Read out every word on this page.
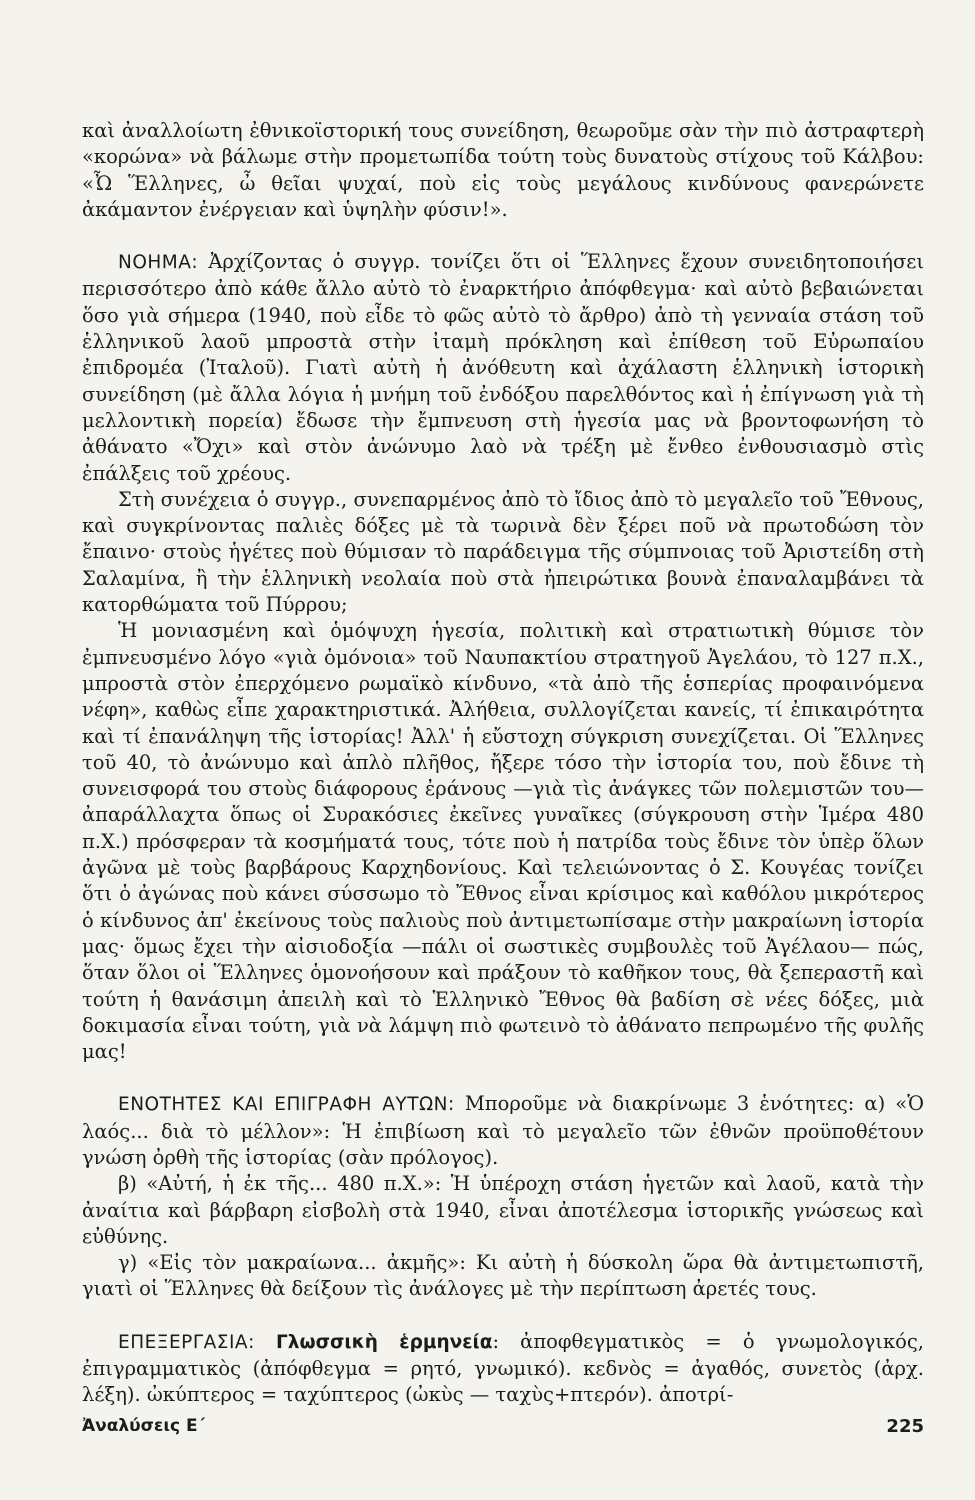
καὶ ἀναλλοίωτη ἐθνικοϊστορική τους συνείδηση, θεωροῦμε σὰν τὴν πιὸ ἀστραφτερὴ «κορώνα» νὰ βάλωμε στὴν προμετωπίδα τούτη τοὺς δυνατοὺς στίχους τοῦ Κάλβου: «Ὦ Ἕλληνες, ὦ θεῖαι ψυχαί, ποὺ εἰς τοὺς μεγάλους κινδύνους φανερώνετε ἀκάμαντον ἐνέργειαν καὶ ὑψηλὴν φύσιν!».

ΝΟΗΜΑ: Ἀρχίζοντας ὁ συγγρ. τονίζει ὅτι οἱ Ἕλληνες ἔχουν συνειδητοποιήσει περισσότερο ἀπὸ κάθε ἄλλο αὐτὸ τὸ ἐναρκτήριο ἀπόφθεγμα· καὶ αὐτὸ βεβαιώνεται ὅσο γιὰ σήμερα (1940, ποὺ εἶδε τὸ φῶς αὐτὸ τὸ ἄρθρο) ἀπὸ τὴ γενναία στάση τοῦ ἑλληνικοῦ λαοῦ μπροστὰ στὴν ἰταμὴ πρόκληση καὶ ἐπίθεση τοῦ Εὐρωπαίου ἐπιδρομέα (Ἰταλοῦ). Γιατὶ αὐτὴ ἡ ἀνόθευτη καὶ ἀχάλαστη ἑλληνικὴ ἱστορικὴ συνείδηση (μὲ ἄλλα λόγια ἡ μνήμη τοῦ ἐνδόξου παρελθόντος καὶ ἡ ἐπίγνωση γιὰ τὴ μελλοντικὴ πορεία) ἔδωσε τὴν ἔμπνευση στὴ ἡγεσία μας νὰ βροντοφωνήση τὸ ἀθάνατο «Ὄχι» καὶ στὸν ἀνώνυμο λαὸ νὰ τρέξη μὲ ἔνθεο ἐνθουσιασμὸ στὶς ἐπάλξεις τοῦ χρέους.

Στὴ συνέχεια ὁ συγγρ., συνεπαρμένος ἀπὸ τὸ ἴδιος ἀπὸ τὸ μεγαλεῖο τοῦ Ἔθνους, καὶ συγκρίνοντας παλιὲς δόξες μὲ τὰ τωρινὰ δὲν ξέρει ποῦ νὰ πρωτοδώση τὸν ἔπαινο· στοὺς ἡγέτες ποὺ θύμισαν τὸ παράδειγμα τῆς σύμπνοιας τοῦ Ἀριστείδη στὴ Σαλαμίνα, ἢ τὴν ἑλληνικὴ νεολαία ποὺ στὰ ἠπειρώτικα βουνὰ ἐπαναλαμβάνει τὰ κατορθώματα τοῦ Πύρρου;

Ἡ μονιασμένη καὶ ὁμόψυχη ἡγεσία, πολιτικὴ καὶ στρατιωτικὴ θύμισε τὸν ἐμπνευσμένο λόγο «γιὰ ὁμόνοια» τοῦ Ναυπακτίου στρατηγοῦ Ἀγελάου, τὸ 127 π.Χ., μπροστὰ στὸν ἐπερχόμενο ρωμαϊκὸ κίνδυνο, «τὰ ἀπὸ τῆς ἑσπερίας προφαινόμενα νέφη», καθὼς εἶπε χαρακτηριστικά. Ἀλήθεια, συλλογίζεται κανείς, τί ἐπικαιρότητα καὶ τί ἐπανάληψη τῆς ἱστορίας! Ἀλλ' ἡ εὔστοχη σύγκριση συνεχίζεται. Οἱ Ἕλληνες τοῦ 40, τὸ ἀνώνυμο καὶ ἁπλὸ πλῆθος, ἤξερε τόσο τὴν ἱστορία του, ποὺ ἔδινε τὴ συνεισφορά του στοὺς διάφορους ἐράνους —γιὰ τὶς ἀνάγκες τῶν πολεμιστῶν του— ἀπαράλλαχτα ὅπως οἱ Συρακόσιες ἐκεῖνες γυναῖκες (σύγκρουση στὴν Ἱμέρα 480 π.Χ.) πρόσφεραν τὰ κοσμήματά τους, τότε ποὺ ἡ πατρίδα τοὺς ἔδινε τὸν ὑπὲρ ὅλων ἀγῶνα μὲ τοὺς βαρβάρους Καρχηδονίους. Καὶ τελειώνοντας ὁ Σ. Κουγέας τονίζει ὅτι ὁ ἀγώνας ποὺ κάνει σύσσωμο τὸ Ἔθνος εἶναι κρίσιμος καὶ καθόλου μικρότερος ὁ κίνδυνος ἀπ' ἐκείνους τοὺς παλιοὺς ποὺ ἀντιμετωπίσαμε στὴν μακραίωνη ἱστορία μας· ὅμως ἔχει τὴν αἰσιοδοξία —πάλι οἱ σωστικὲς συμβουλὲς τοῦ Ἀγέλαου— πώς, ὅταν ὅλοι οἱ Ἕλληνες ὁμονοήσουν καὶ πράξουν τὸ καθῆκον τους, θὰ ξεπεραστῆ καὶ τούτη ἡ θανάσιμη ἀπειλὴ καὶ τὸ Ἑλληνικὸ Ἔθνος θὰ βαδίση σὲ νέες δόξες, μιὰ δοκιμασία εἶναι τούτη, γιὰ νὰ λάμψη πιὸ φωτεινὸ τὸ ἀθάνατο πεπρωμένο τῆς φυλῆς μας!

ΕΝΟΤΗΤΕΣ ΚΑΙ ΕΠΙΓΡΑΦΗ ΑΥΤΩΝ: Μποροῦμε νὰ διακρίνωμε 3 ἑνότητες: α) «Ὁ λαός... διὰ τὸ μέλλον»: Ἡ ἐπιβίωση καὶ τὸ μεγαλεῖο τῶν ἐθνῶν προϋποθέτουν γνώση ὀρθὴ τῆς ἱστορίας (σὰν πρόλογος).

β) «Αὐτή, ἡ ἐκ τῆς... 480 π.Χ.»: Ἡ ὑπέροχη στάση ἡγετῶν καὶ λαοῦ, κατὰ τὴν ἀναίτια καὶ βάρβαρη εἰσβολὴ στὰ 1940, εἶναι ἀποτέλεσμα ἱστορικῆς γνώσεως καὶ εὐθύνης.

γ) «Εἰς τὸν μακραίωνα... ἀκμῆς»: Κι αὐτὴ ἡ δύσκολη ὥρα θὰ ἀντιμετωπιστῆ, γιατὶ οἱ Ἕλληνες θὰ δείξουν τὶς ἀνάλογες μὲ τὴν περίπτωση ἀρετές τους.

ΕΠΕΞΕΡΓΑΣΙΑ: Γλωσσικὴ ἑρμηνεία: ἀποφθεγματικὸς = ὁ γνωμολογικός, ἐπιγραμματικὸς (ἀπόφθεγμα = ρητό, γνωμικό). κεδνὸς = ἀγαθός, συνετὸς (ἀρχ. λέξη). ὠκύπτερος = ταχύπτερος (ὠκὺς — ταχὺς+πτερόν). ἀποτρί-

Ἀναλύσεις Ε΄	225
